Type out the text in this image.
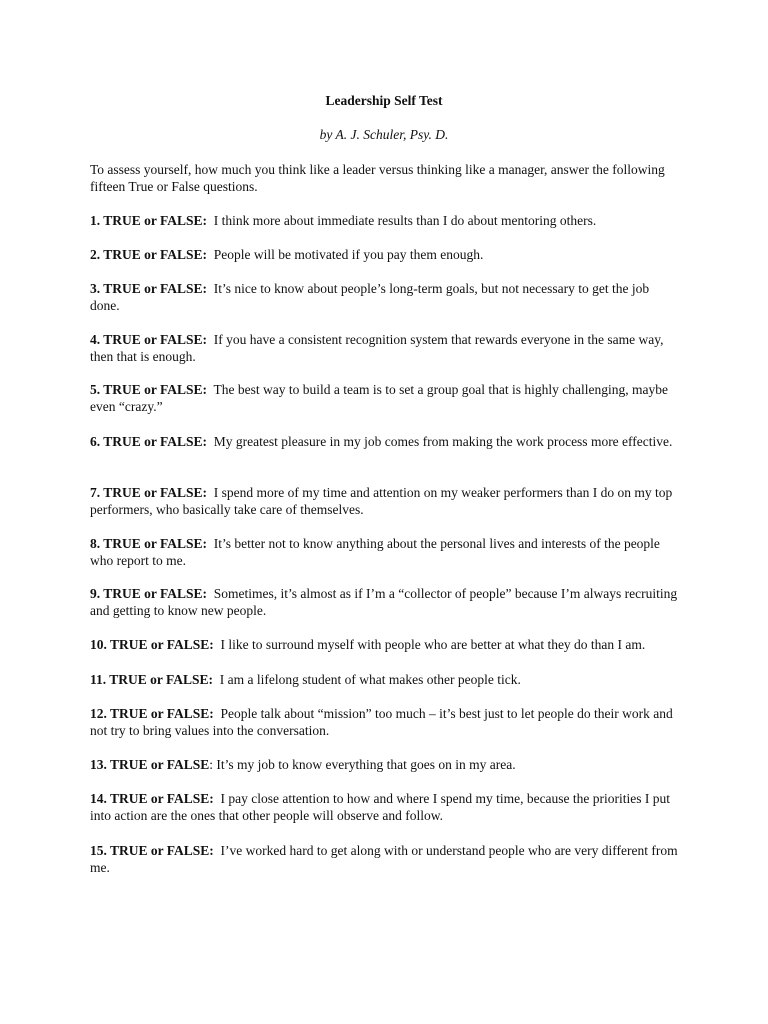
Leadership Self Test
by A. J. Schuler, Psy. D.

To assess yourself, how much you think like a leader versus thinking like a manager, answer the following fifteen True or False questions.

1. TRUE or FALSE: I think more about immediate results than I do about mentoring others.

2. TRUE or FALSE: People will be motivated if you pay them enough.

3. TRUE or FALSE: It’s nice to know about people’s long-term goals, but not necessary to get the job done.

4. TRUE or FALSE: If you have a consistent recognition system that rewards everyone in the same way, then that is enough.

5. TRUE or FALSE: The best way to build a team is to set a group goal that is highly challenging, maybe even “crazy.”

6. TRUE or FALSE: My greatest pleasure in my job comes from making the work process more effective.

7. TRUE or FALSE: I spend more of my time and attention on my weaker performers than I do on my top performers, who basically take care of themselves.

8. TRUE or FALSE: It’s better not to know anything about the personal lives and interests of the people who report to me.

9. TRUE or FALSE: Sometimes, it’s almost as if I’m a “collector of people” because I’m always recruiting and getting to know new people.

10. TRUE or FALSE: I like to surround myself with people who are better at what they do than I am.

11. TRUE or FALSE: I am a lifelong student of what makes other people tick.

12. TRUE or FALSE: People talk about “mission” too much – it’s best just to let people do their work and not try to bring values into the conversation.

13. TRUE or FALSE: It’s my job to know everything that goes on in my area.

14. TRUE or FALSE: I pay close attention to how and where I spend my time, because the priorities I put into action are the ones that other people will observe and follow.

15. TRUE or FALSE: I’ve worked hard to get along with or understand people who are very different from me.
